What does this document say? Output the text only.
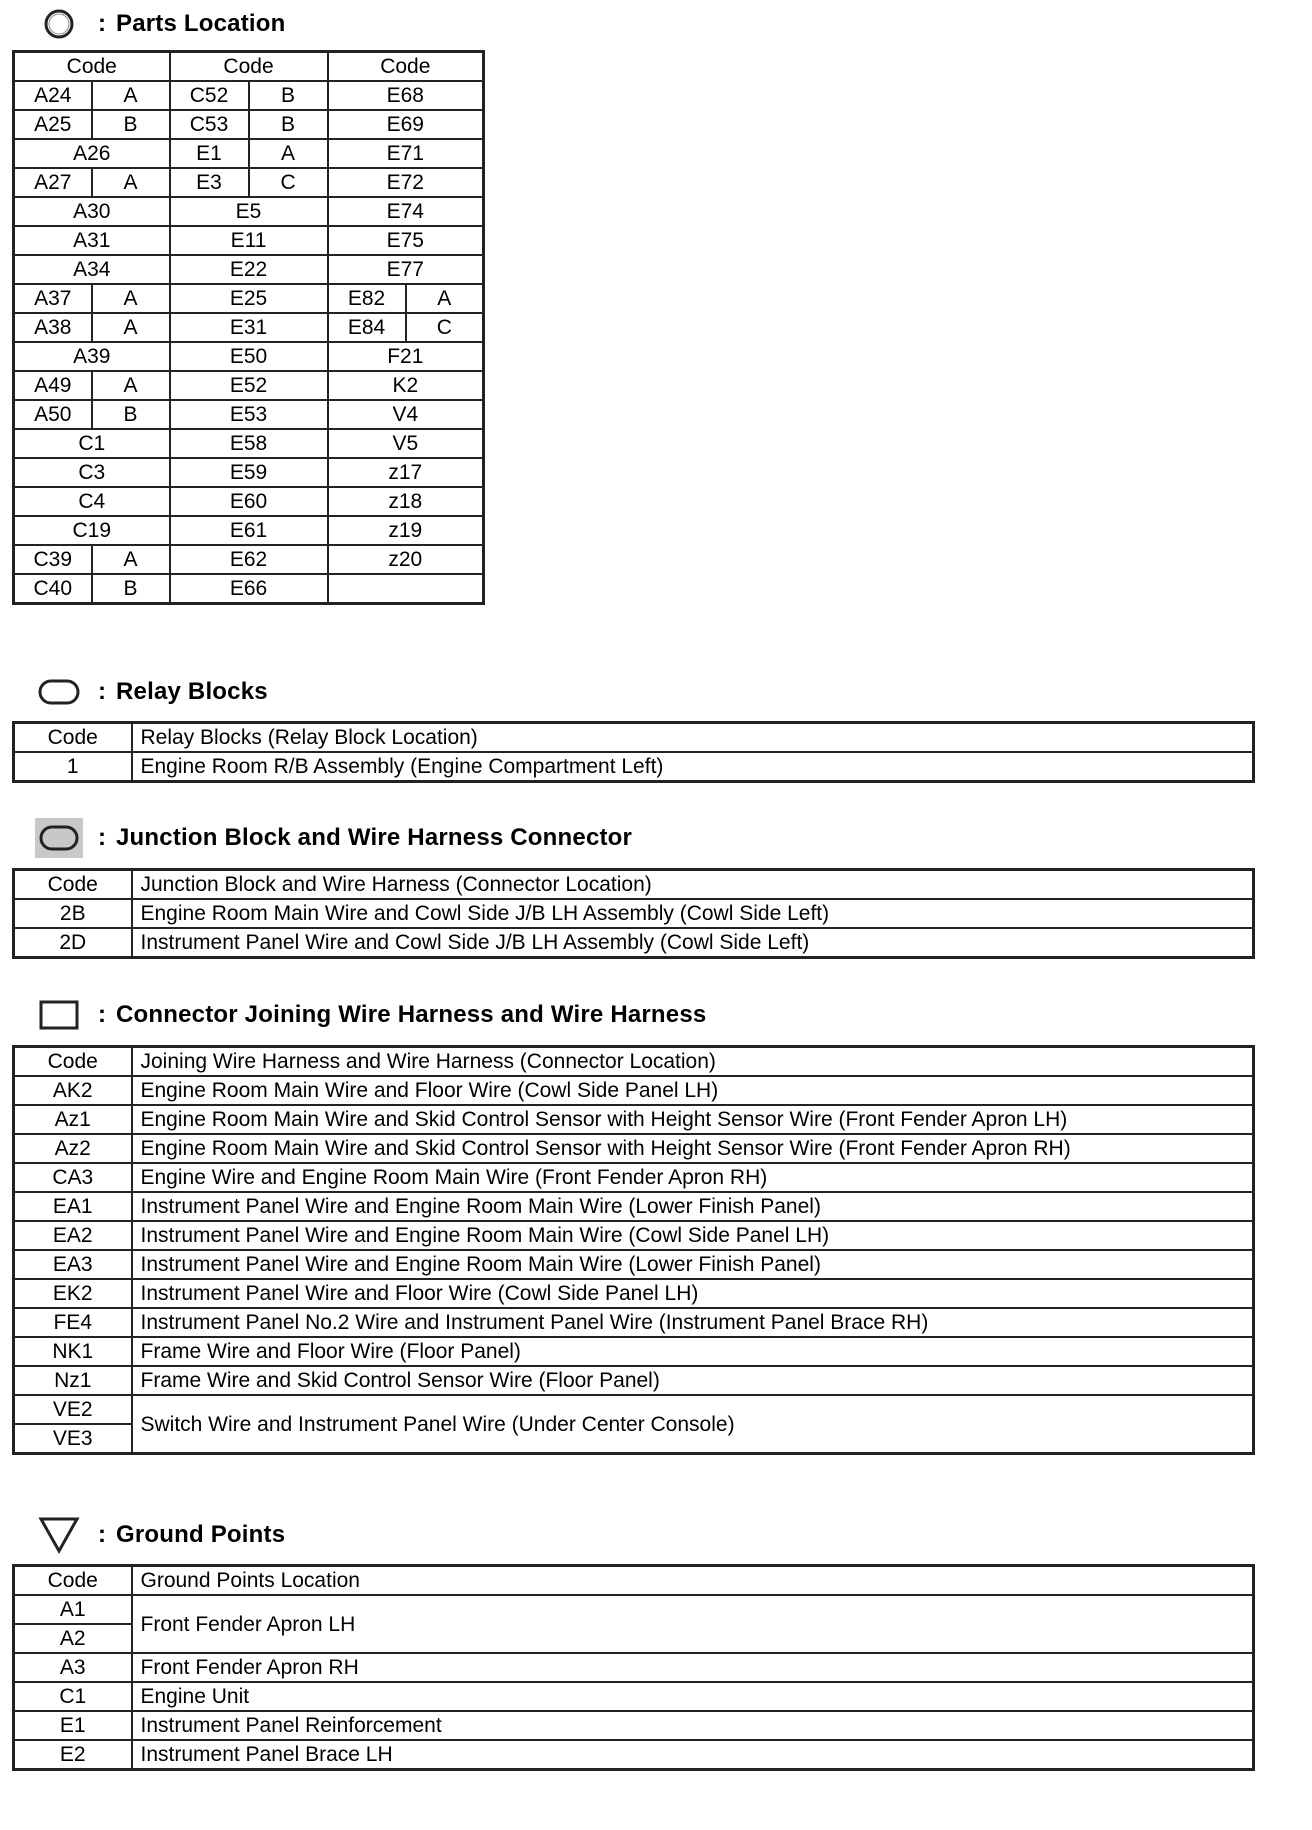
: Parts Location
Code		Code		Code	
A24	A	C52	B	E68	
A25	B	C53	B	E69	
A26		E1	A	E71	
A27	A	E3	C	E72	
A30		E5		E74	
A31		E11		E75	
A34		E22		E77	
A37	A	E25		E82	A
A38	A	E31		E84	C
A39		E50		F21	
A49	A	E52		K2	
A50	B	E53		V4	
C1		E58		V5	
C3		E59		z17	
C4		E60		z18	
C19		E61		z19	
C39	A	E62		z20	
C40	B	E66			
: Relay Blocks
Code	Relay Blocks (Relay Block Location)
1	Engine Room R/B Assembly (Engine Compartment Left)
: Junction Block and Wire Harness Connector
Code	Junction Block and Wire Harness (Connector Location)
2B	Engine Room Main Wire and Cowl Side J/B LH Assembly (Cowl Side Left)
2D	Instrument Panel Wire and Cowl Side J/B LH Assembly (Cowl Side Left)
: Connector Joining Wire Harness and Wire Harness
Code	Joining Wire Harness and Wire Harness (Connector Location)
AK2	Engine Room Main Wire and Floor Wire (Cowl Side Panel LH)
Az1	Engine Room Main Wire and Skid Control Sensor with Height Sensor Wire (Front Fender Apron LH)
Az2	Engine Room Main Wire and Skid Control Sensor with Height Sensor Wire (Front Fender Apron RH)
CA3	Engine Wire and Engine Room Main Wire (Front Fender Apron RH)
EA1	Instrument Panel Wire and Engine Room Main Wire (Lower Finish Panel)
EA2	Instrument Panel Wire and Engine Room Main Wire (Cowl Side Panel LH)
EA3	Instrument Panel Wire and Engine Room Main Wire (Lower Finish Panel)
EK2	Instrument Panel Wire and Floor Wire (Cowl Side Panel LH)
FE4	Instrument Panel No.2 Wire and Instrument Panel Wire (Instrument Panel Brace RH)
NK1	Frame Wire and Floor Wire (Floor Panel)
Nz1	Frame Wire and Skid Control Sensor Wire (Floor Panel)
VE2	Switch Wire and Instrument Panel Wire (Under Center Console)
VE3	
: Ground Points
Code	Ground Points Location
A1	Front Fender Apron LH
A2	
A3	Front Fender Apron RH
C1	Engine Unit
E1	Instrument Panel Reinforcement
E2	Instrument Panel Brace LH
